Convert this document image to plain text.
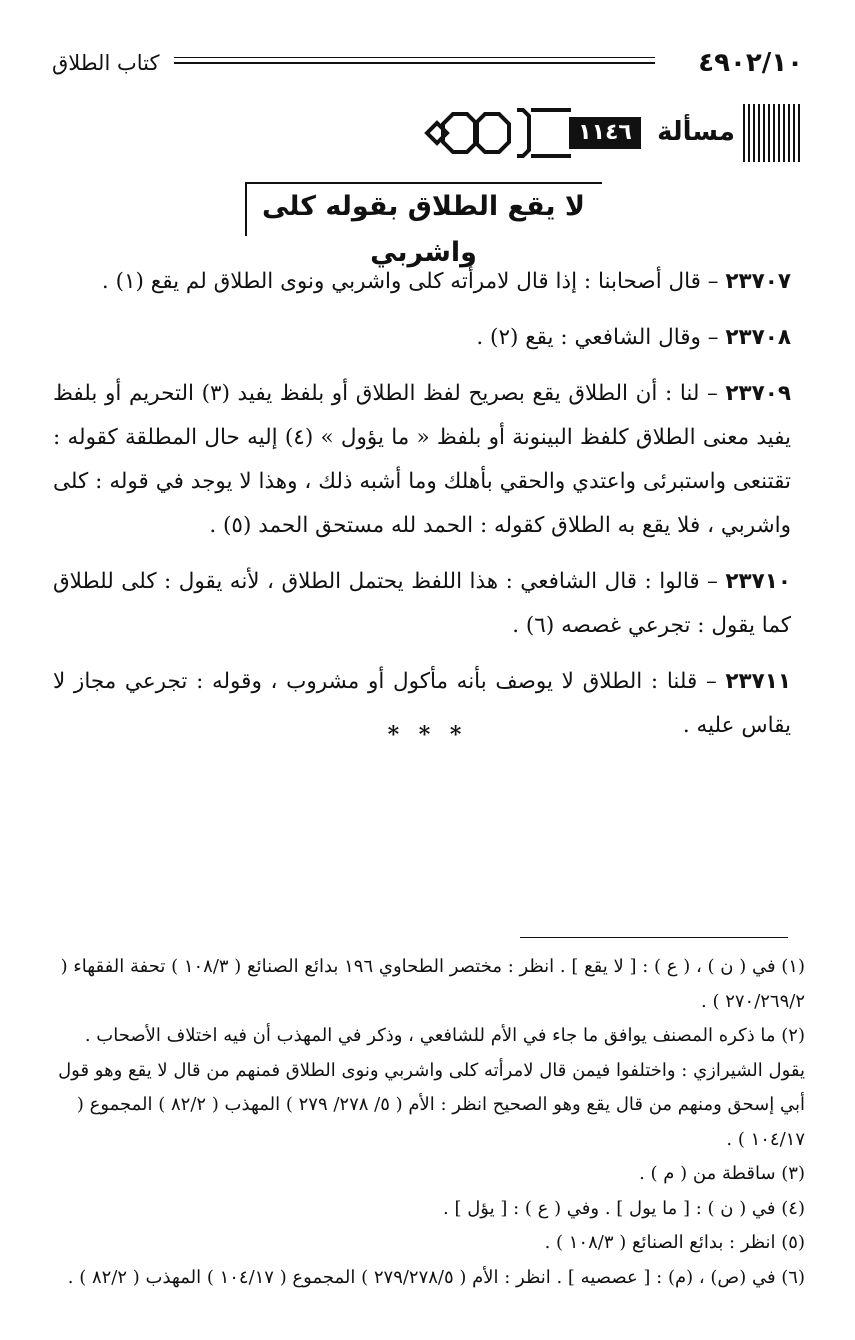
٤٩٠٢/١٠
كتاب الطلاق
مسألة
١١٤٦
لا يقع الطلاق بقوله كلى واشربي

٢٣٧٠٧ – قال أصحابنا : إذا قال لامرأته كلى واشربي ونوى الطلاق لم يقع (١) .

٢٣٧٠٨ – وقال الشافعي : يقع (٢) .

٢٣٧٠٩ – لنا : أن الطلاق يقع بصريح لفظ الطلاق أو بلفظ يفيد (٣) التحريم أو بلفظ يفيد معنى الطلاق كلفظ البينونة أو بلفظ « ما يؤول » (٤) إليه حال المطلقة كقوله : تقتنعى واستبرئى واعتدي والحقي بأهلك وما أشبه ذلك ، وهذا لا يوجد في قوله : كلى واشربي ، فلا يقع به الطلاق كقوله : الحمد لله مستحق الحمد (٥) .

٢٣٧١٠ – قالوا : قال الشافعي : هذا اللفظ يحتمل الطلاق ، لأنه يقول : كلى للطلاق كما يقول : تجرعي غصصه (٦) .

٢٣٧١١ – قلنا : الطلاق لا يوصف بأنه مأكول أو مشروب ، وقوله : تجرعي مجاز لا يقاس عليه .

* * *

(١) في ( ن ) ، ( ع ) : [ لا يقع ] . انظر : مختصر الطحاوي ١٩٦ بدائع الصنائع ( ١٠٨/٣ ) تحفة الفقهاء ( ٢٧٠/٢٦٩/٢ ) .

(٢) ما ذكره المصنف يوافق ما جاء في الأم للشافعي ، وذكر في المهذب أن فيه اختلاف الأصحاب . يقول الشيرازي : واختلفوا فيمن قال لامرأته كلى واشربي ونوى الطلاق فمنهم من قال لا يقع وهو قول أبي إسحق ومنهم من قال يقع وهو الصحيح انظر : الأم ( ٥/ ٢٧٨/ ٢٧٩ ) المهذب ( ٨٢/٢ ) المجموع ( ١٠٤/١٧ ) .

(٣) ساقطة من ( م ) .

(٤) في ( ن ) : [ ما يول ] . وفي ( ع ) : [ يؤل ] .

(٥) انظر : بدائع الصنائع ( ١٠٨/٣ ) .

(٦) في (ص) ، (م) : [ عصصيه ] . انظر : الأم ( ٢٧٩/٢٧٨/٥ ) المجموع ( ١٠٤/١٧ ) المهذب ( ٨٢/٢ ) .
